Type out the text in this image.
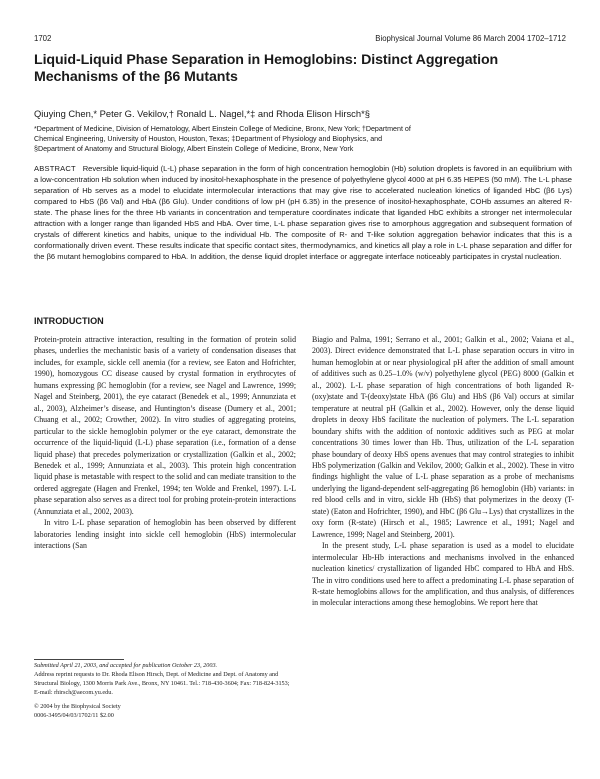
1702	Biophysical Journal Volume 86 March 2004 1702–1712
Liquid-Liquid Phase Separation in Hemoglobins: Distinct Aggregation Mechanisms of the β6 Mutants
Qiuying Chen,* Peter G. Vekilov,† Ronald L. Nagel,*‡ and Rhoda Elison Hirsch*§
*Department of Medicine, Division of Hematology, Albert Einstein College of Medicine, Bronx, New York; †Department of
Chemical Engineering, University of Houston, Houston, Texas; ‡Department of Physiology and Biophysics, and
§Department of Anatomy and Structural Biology, Albert Einstein College of Medicine, Bronx, New York
ABSTRACT Reversible liquid-liquid (L-L) phase separation in the form of high concentration hemoglobin (Hb) solution droplets is favored in an equilibrium with a low-concentration Hb solution when induced by inositol-hexaphosphate in the presence of polyethylene glycol 4000 at pH 6.35 HEPES (50 mM). The L-L phase separation of Hb serves as a model to elucidate intermolecular interactions that may give rise to accelerated nucleation kinetics of liganded HbC (β6 Lys) compared to HbS (β6 Val) and HbA (β6 Glu). Under conditions of low pH (pH 6.35) in the presence of inositol-hexaphosphate, COHb assumes an altered R-state. The phase lines for the three Hb variants in concentration and temperature coordinates indicate that liganded HbC exhibits a stronger net intermolecular attraction with a longer range than liganded HbS and HbA. Over time, L-L phase separation gives rise to amorphous aggregation and subsequent formation of crystals of different kinetics and habits, unique to the individual Hb. The composite of R- and T-like solution aggregation behavior indicates that this is a conformationally driven event. These results indicate that specific contact sites, thermodynamics, and kinetics all play a role in L-L phase separation and differ for the β6 mutant hemoglobins compared to HbA. In addition, the dense liquid droplet interface or aggregate interface noticeably participates in crystal nucleation.
INTRODUCTION

Protein-protein attractive interaction, resulting in the formation of protein solid phases, underlies the mechanistic basis of a variety of condensation diseases that includes, for example, sickle cell anemia (for a review, see Eaton and Hofrichter, 1990), homozygous CC disease caused by crystal formation in erythrocytes of humans expressing βC hemoglobin (for a review, see Nagel and Lawrence, 1999; Nagel and Steinberg, 2001), the eye cataract (Benedek et al., 1999; Annunziata et al., 2003), Alzheimer’s disease, and Huntington’s disease (Dumery et al., 2001; Chuang et al., 2002; Crowther, 2002). In vitro studies of aggregating proteins, particular to the sickle hemoglobin polymer or the eye cataract, demonstrate the occurrence of the liquid-liquid (L-L) phase separation (i.e., formation of a dense liquid phase) that precedes polymerization or crystallization (Galkin et al., 2002; Benedek et al., 1999; Annunziata et al., 2003). This protein high concentration liquid phase is metastable with respect to the solid and can mediate transition to the ordered aggregate (Hagen and Frenkel, 1994; ten Wolde and Frenkel, 1997). L-L phase separation also serves as a direct tool for probing protein-protein interactions (Annunziata et al., 2002, 2003).

In vitro L-L phase separation of hemoglobin has been observed by different laboratories lending insight into sickle cell hemoglobin (HbS) intermolecular interactions (San

Biagio and Palma, 1991; Serrano et al., 2001; Galkin et al., 2002; Vaiana et al., 2003). Direct evidence demonstrated that L-L phase separation occurs in vitro in human hemoglobin at or near physiological pH after the addition of small amount of additives such as 0.25–1.0% (w/v) polyethylene glycol (PEG) 8000 (Galkin et al., 2002). L-L phase separation of high concentrations of both liganded R-(oxy)state and T-(deoxy)state HbA (β6 Glu) and HbS (β6 Val) occurs at similar temperature at neutral pH (Galkin et al., 2002). However, only the dense liquid droplets in deoxy HbS facilitate the nucleation of polymers. The L-L separation boundary shifts with the addition of nontoxic additives such as PEG at molar concentrations 30 times lower than Hb. Thus, utilization of the L-L separation phase boundary of deoxy HbS opens avenues that may control strategies to inhibit HbS polymerization (Galkin and Vekilov, 2000; Galkin et al., 2002). These in vitro findings highlight the value of L-L phase separation as a probe of mechanisms underlying the ligand-dependent self-aggregating β6 hemoglobin (Hb) variants: in red blood cells and in vitro, sickle Hb (HbS) that polymerizes in the deoxy (T-state) (Eaton and Hofrichter, 1990), and HbC (β6 Glu→Lys) that crystallizes in the oxy form (R-state) (Hirsch et al., 1985; Lawrence et al., 1991; Nagel and Lawrence, 1999; Nagel and Steinberg, 2001).

In the present study, L-L phase separation is used as a model to elucidate intermolecular Hb-Hb interactions and mechanisms involved in the enhanced nucleation kinetics/ crystallization of liganded HbC compared to HbA and HbS. The in vitro conditions used here to affect a predominating L-L phase separation of R-state hemoglobins allows for the amplification, and thus analysis, of differences in molecular interactions among these hemoglobins. We report here that

Submitted April 21, 2003, and accepted for publication October 23, 2003.

Address reprint requests to Dr. Rhoda Elison Hirsch, Dept. of Medicine and Dept. of Anatomy and Structural Biology, 1300 Morris Park Ave., Bronx, NY 10461. Tel.: 718-430-3604; Fax: 718-824-3153; E-mail: rhirsch@aecom.yu.edu.

© 2004 by the Biophysical Society

0006-3495/04/03/1702/11 $2.00
